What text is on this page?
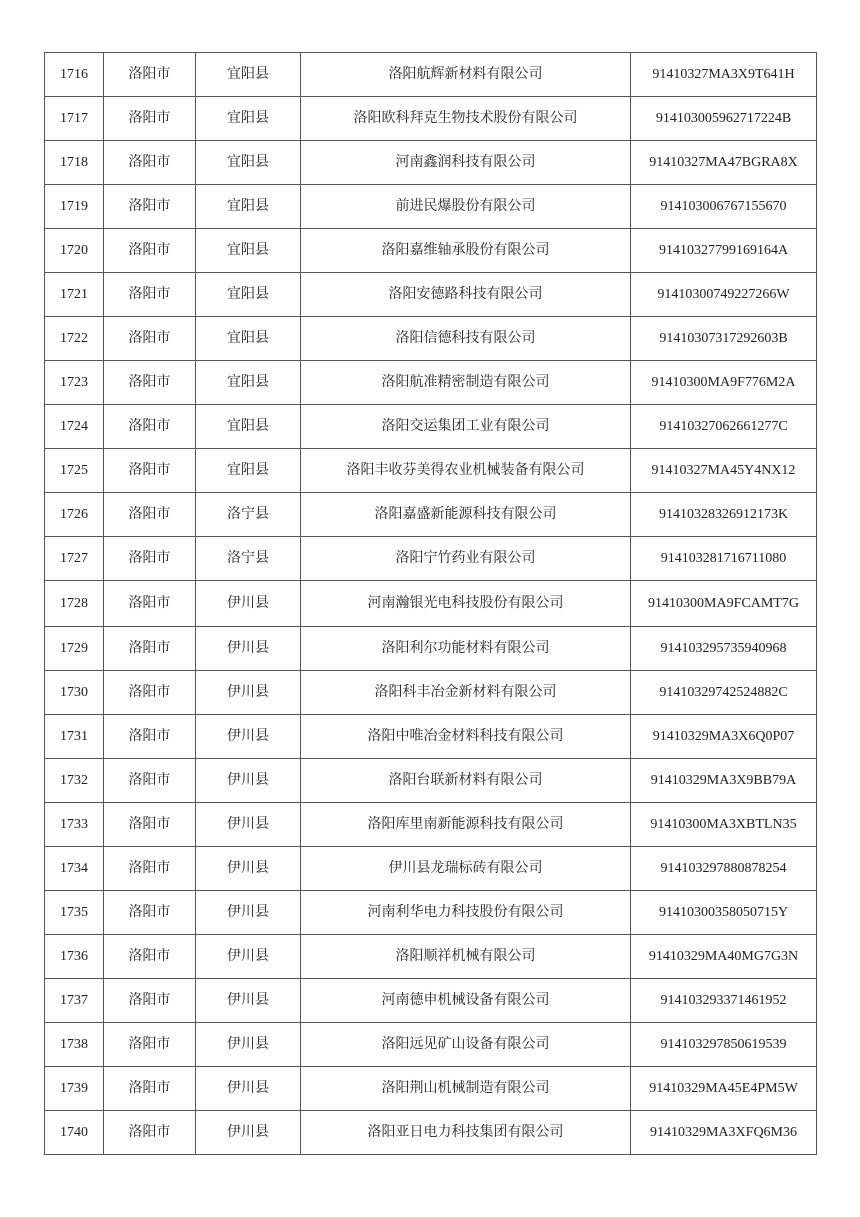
1716	洛阳市	宜阳县	洛阳航辉新材料有限公司	91410327MA3X9T641H
1717	洛阳市	宜阳县	洛阳欧科拜克生物技术股份有限公司	914103005962717224B
1718	洛阳市	宜阳县	河南鑫润科技有限公司	91410327MA47BGRA8X
1719	洛阳市	宜阳县	前进民爆股份有限公司	914103006767155670
1720	洛阳市	宜阳县	洛阳嘉维轴承股份有限公司	91410327799169164A
1721	洛阳市	宜阳县	洛阳安德路科技有限公司	91410300749227266W
1722	洛阳市	宜阳县	洛阳信德科技有限公司	91410307317292603B
1723	洛阳市	宜阳县	洛阳航准精密制造有限公司	91410300MA9F776M2A
1724	洛阳市	宜阳县	洛阳交运集团工业有限公司	91410327062661277C
1725	洛阳市	宜阳县	洛阳丰收芬美得农业机械装备有限公司	91410327MA45Y4NX12
1726	洛阳市	洛宁县	洛阳嘉盛新能源科技有限公司	91410328326912173K
1727	洛阳市	洛宁县	洛阳宁竹药业有限公司	914103281716711080
1728	洛阳市	伊川县	河南瀚银光电科技股份有限公司	91410300MA9FCAMT7G
1729	洛阳市	伊川县	洛阳利尔功能材料有限公司	914103295735940968
1730	洛阳市	伊川县	洛阳科丰冶金新材料有限公司	91410329742524882C
1731	洛阳市	伊川县	洛阳中唯冶金材料科技有限公司	91410329MA3X6Q0P07
1732	洛阳市	伊川县	洛阳台联新材料有限公司	91410329MA3X9BB79A
1733	洛阳市	伊川县	洛阳库里南新能源科技有限公司	91410300MA3XBTLN35
1734	洛阳市	伊川县	伊川县龙瑞标砖有限公司	914103297880878254
1735	洛阳市	伊川县	河南利华电力科技股份有限公司	91410300358050715Y
1736	洛阳市	伊川县	洛阳顺祥机械有限公司	91410329MA40MG7G3N
1737	洛阳市	伊川县	河南德申机械设备有限公司	914103293371461952
1738	洛阳市	伊川县	洛阳远见矿山设备有限公司	914103297850619539
1739	洛阳市	伊川县	洛阳荆山机械制造有限公司	91410329MA45E4PM5W
1740	洛阳市	伊川县	洛阳亚日电力科技集团有限公司	91410329MA3XFQ6M36
